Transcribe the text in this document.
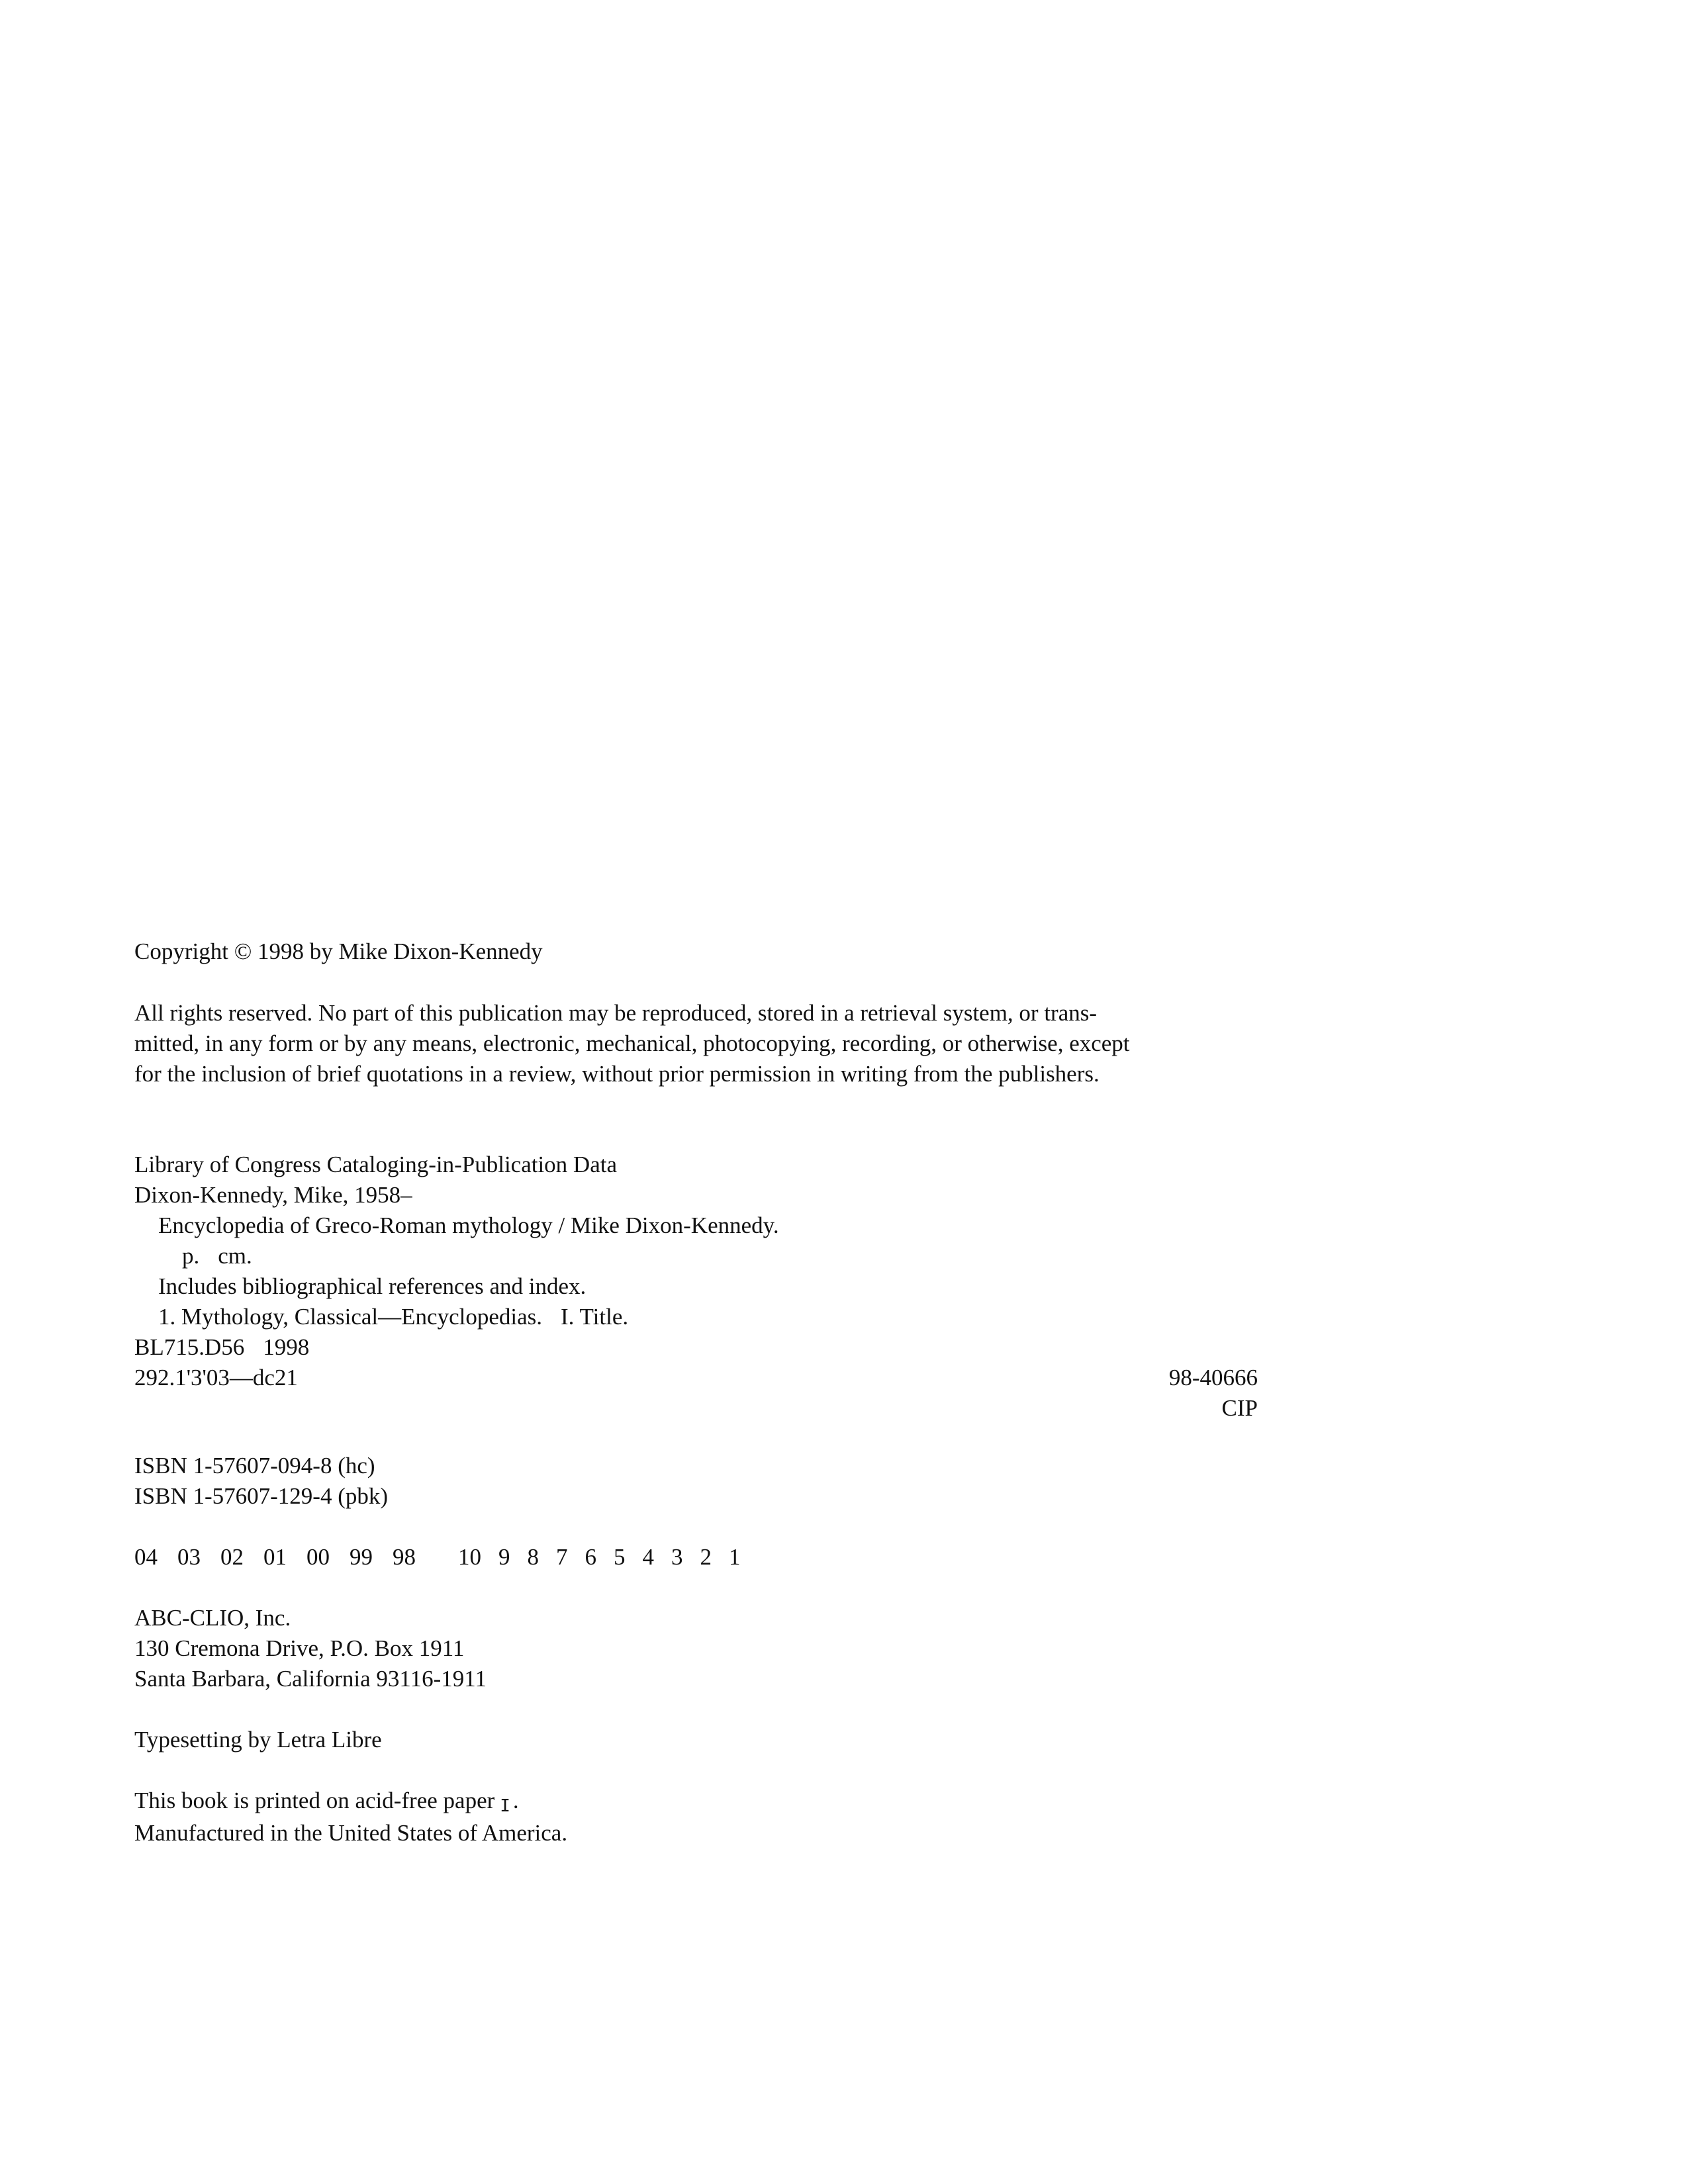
Copyright © 1998 by Mike Dixon-Kennedy
All rights reserved. No part of this publication may be reproduced, stored in a retrieval system, or trans-
mitted, in any form or by any means, electronic, mechanical, photocopying, recording, or otherwise, except
for the inclusion of brief quotations in a review, without prior permission in writing from the publishers.
Library of Congress Cataloging-in-Publication Data
Dixon-Kennedy, Mike, 1958–
Encyclopedia of Greco-Roman mythology / Mike Dixon-Kennedy.
p. cm.
Includes bibliographical references and index.
1. Mythology, Classical—Encyclopedias. I. Title.
BL715.D56 1998
292.1'3'03—dc21	98-40666
CIP
ISBN 1-57607-094-8 (hc)
ISBN 1-57607-129-4 (pbk)
04 03 02 01 00 99 98 10 9 8 7 6 5 4 3 2 1
ABC-CLIO, Inc.
130 Cremona Drive, P.O. Box 1911
Santa Barbara, California 93116-1911
Typesetting by Letra Libre
This book is printed on acid-free paper I .
Manufactured in the United States of America.
